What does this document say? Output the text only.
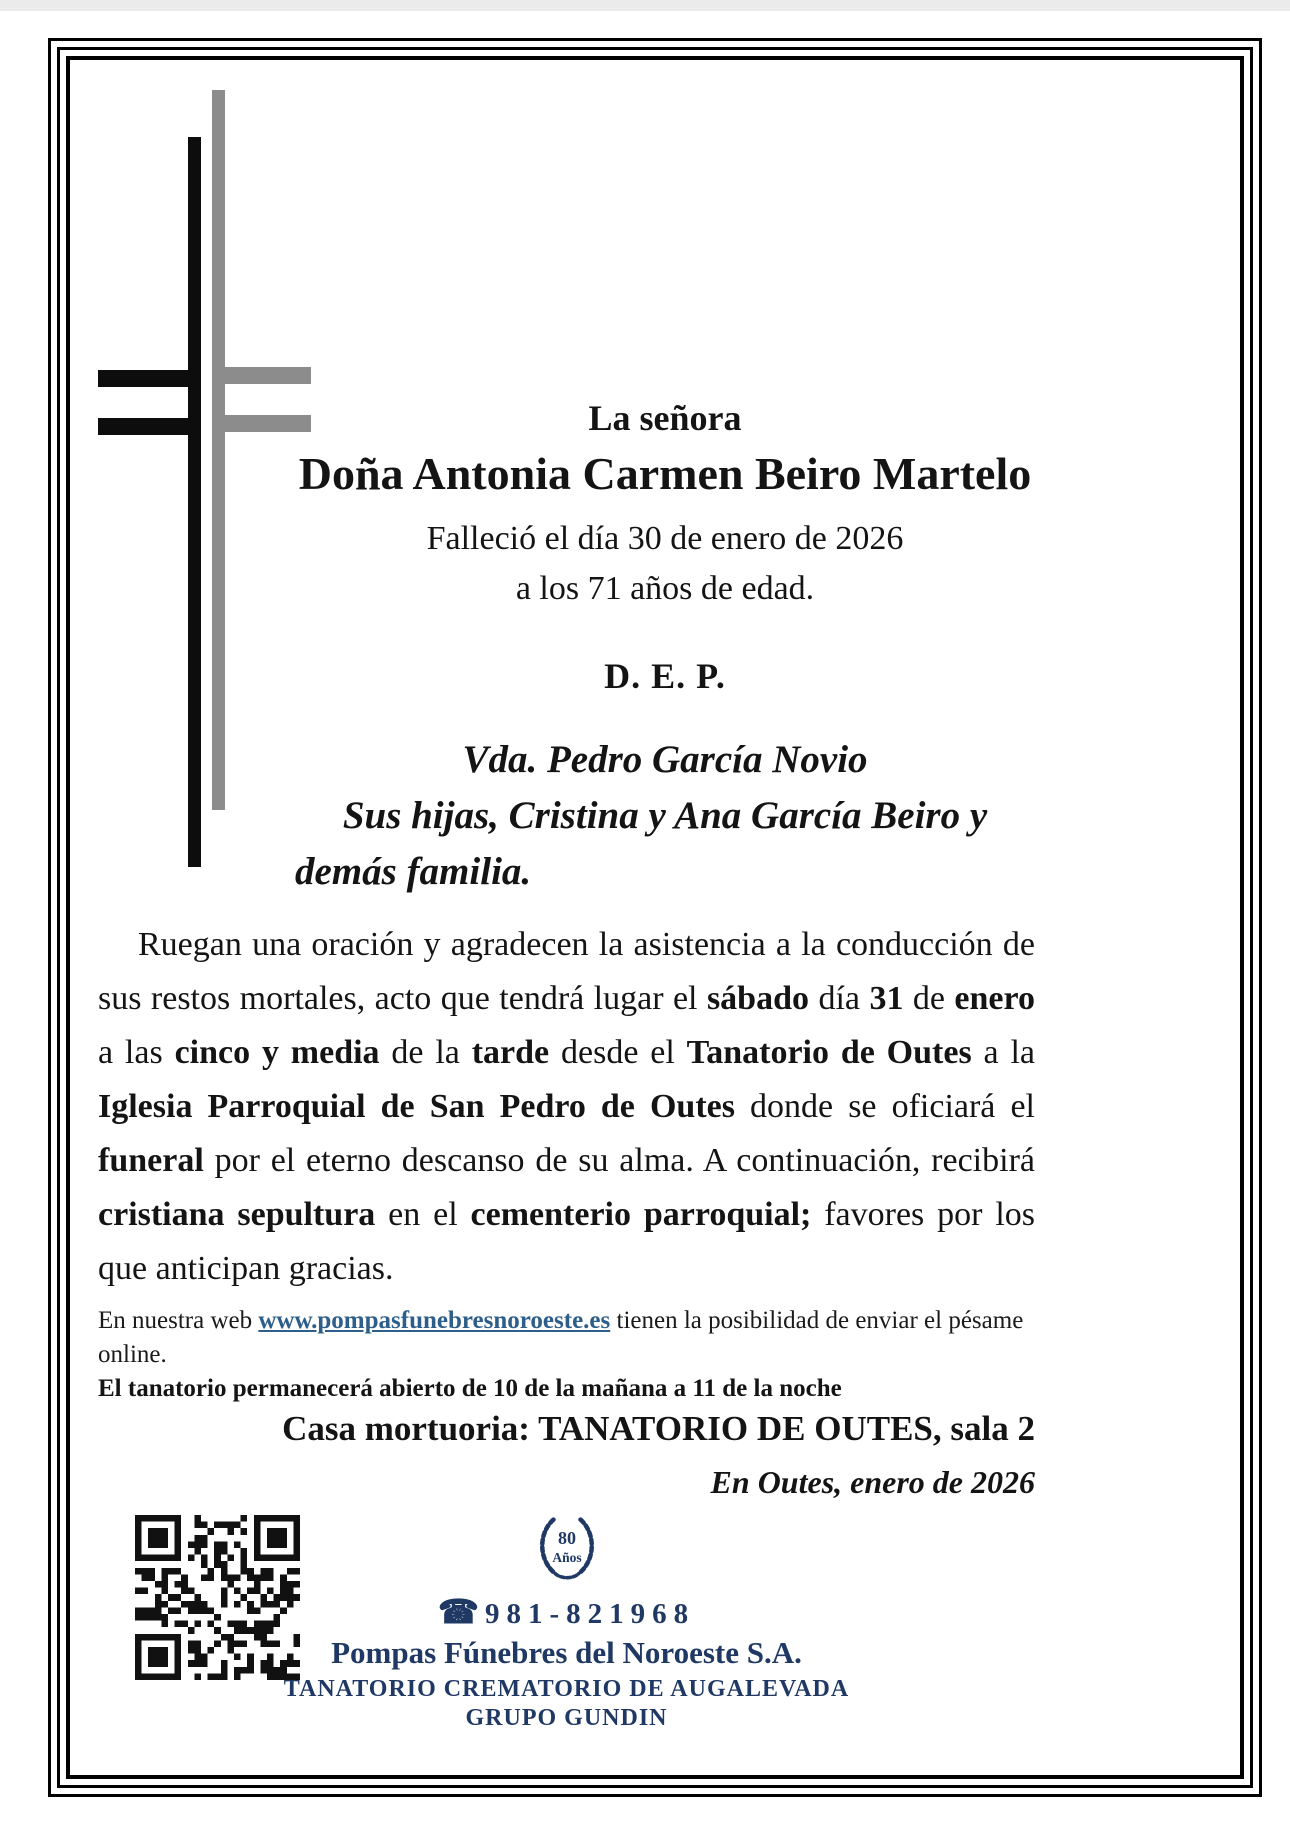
La señora
Doña Antonia Carmen Beiro Martelo
Falleció el día 30 de enero de 2026
a los 71 años de edad.
D. E. P.
Vda. Pedro García Novio
Sus hijas, Cristina y Ana García Beiro y
demás familia.

Ruegan una oración y agradecen la asistencia a la conducción de sus restos mortales, acto que tendrá lugar el sábado día 31 de enero a las cinco y media de la tarde desde el Tanatorio de Outes a la Iglesia Parroquial de San Pedro de Outes donde se oficiará el funeral por el eterno descanso de su alma. A continuación, recibirá cristiana sepultura en el cementerio parroquial; favores por los que anticipan gracias.

En nuestra web www.pompasfunebresnoroeste.es tienen la posibilidad de enviar el pésame online.
El tanatorio permanecerá abierto de 10 de la mañana a 11 de la noche
Casa mortuoria: TANATORIO DE OUTES, sala 2
En Outes, enero de 2026
80
Años
☎ 981-821968
Pompas Fúnebres del Noroeste S.A.
TANATORIO CREMATORIO DE AUGALEVADA
GRUPO GUNDIN
